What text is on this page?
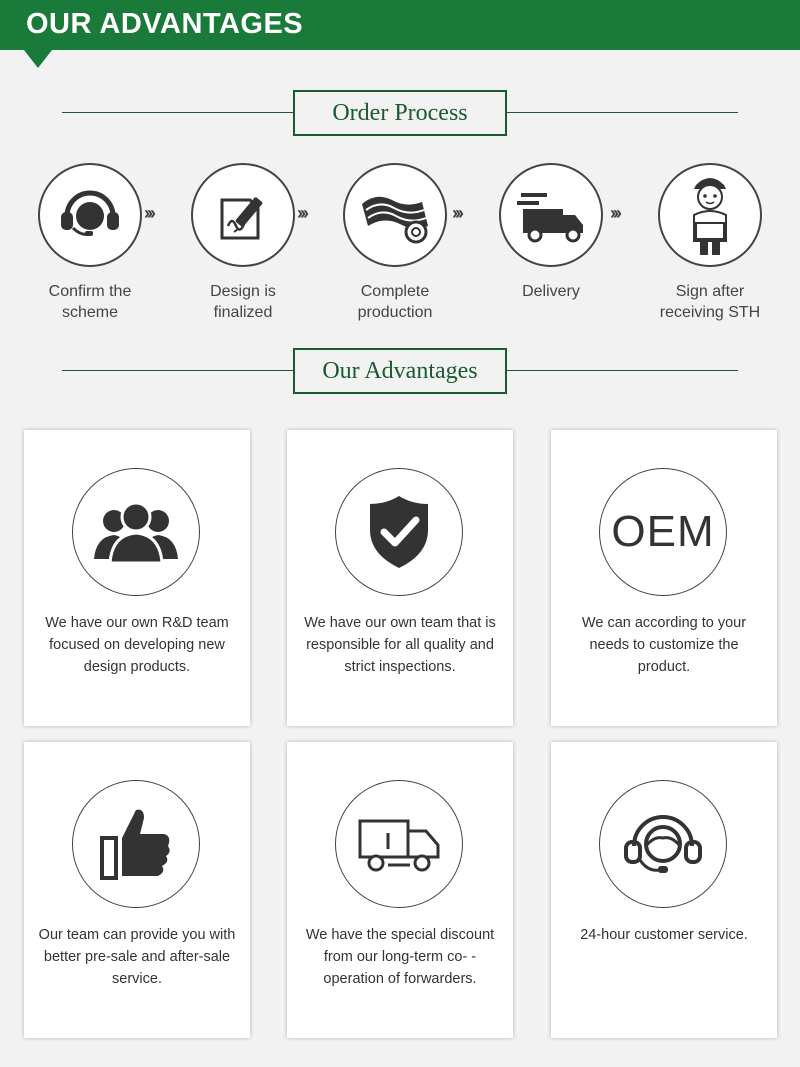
OUR ADVANTAGES
Order Process
Confirm the
scheme
›››
Design is
finalized
›››
Complete
production
›››
Delivery
›››
Sign after
receiving STH
Our Advantages
We have our own R&D team focused on developing new design products.
We have our own team that is responsible for all quality and strict inspections.
OEM
We can according to your needs to customize the product.
Our team can provide you with better pre-sale and after-sale service.
We have the special discount from our long-term co- -operation of forwarders.
24-hour customer service.
